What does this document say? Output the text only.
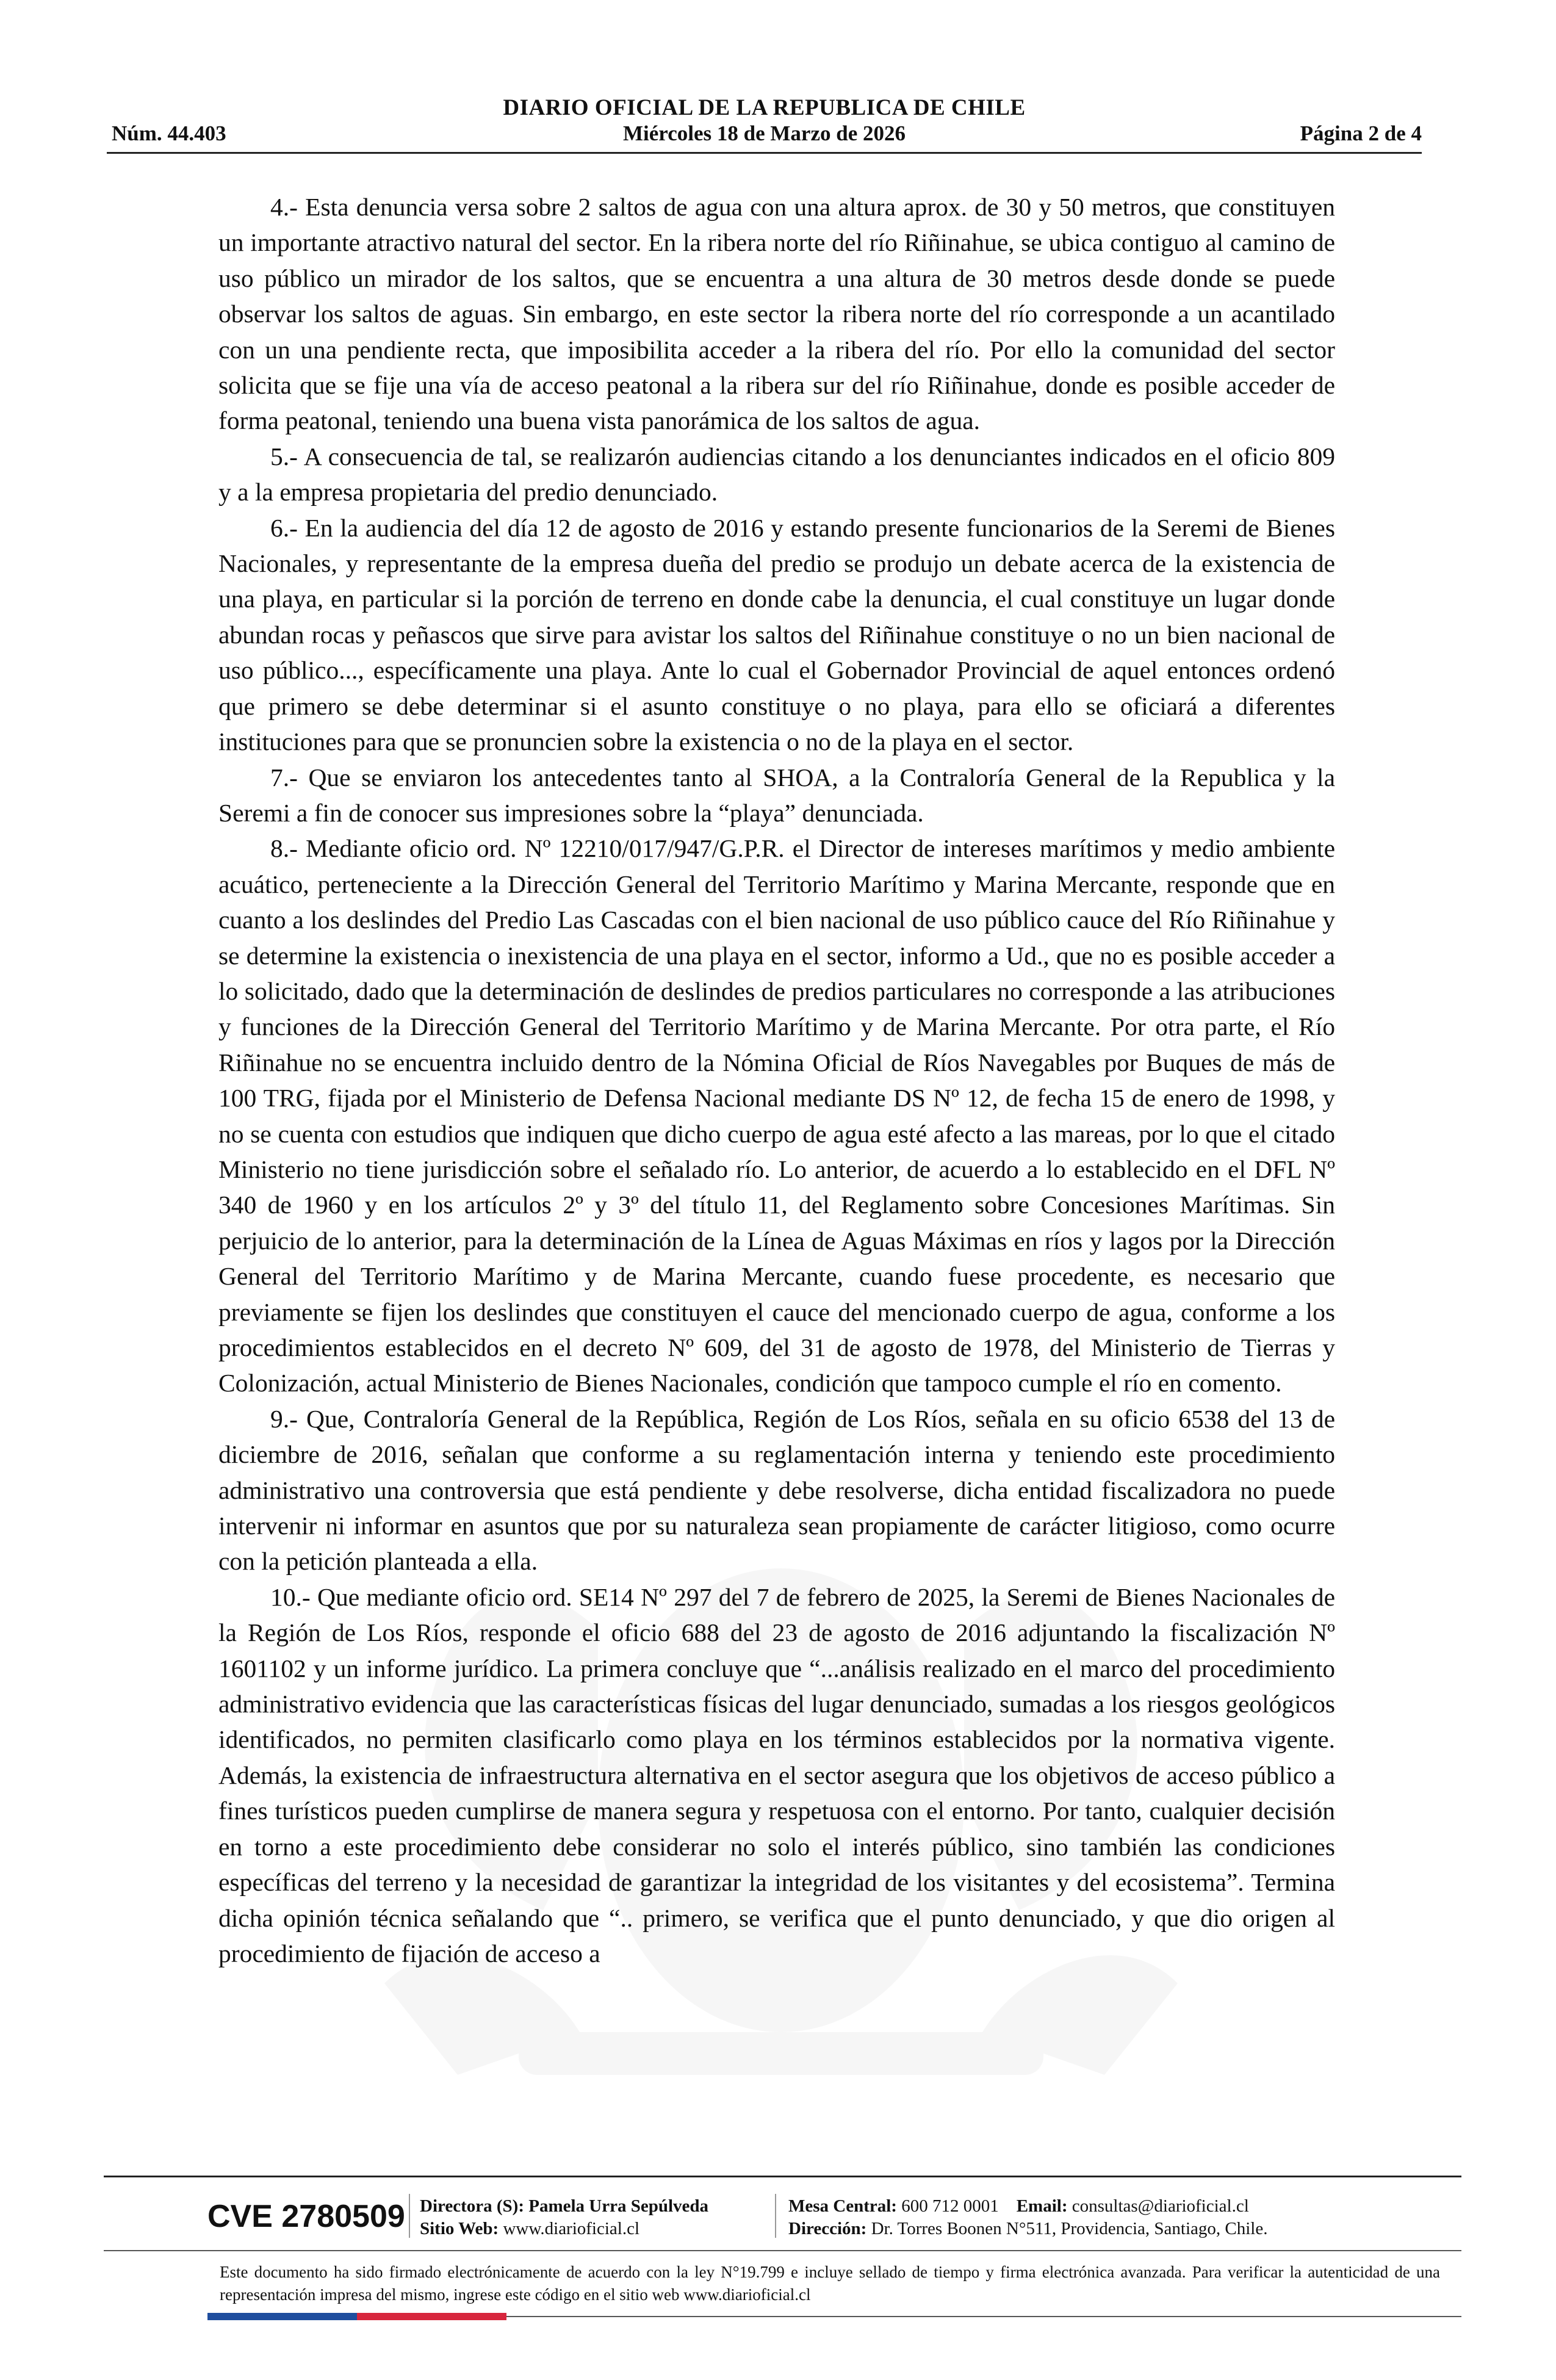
DIARIO OFICIAL DE LA REPUBLICA DE CHILE
Núm. 44.403	Miércoles 18 de Marzo de 2026	Página 2 de 4

4.- Esta denuncia versa sobre 2 saltos de agua con una altura aprox. de 30 y 50 metros, que constituyen un importante atractivo natural del sector. En la ribera norte del río Riñinahue, se ubica contiguo al camino de uso público un mirador de los saltos, que se encuentra a una altura de 30 metros desde donde se puede observar los saltos de aguas. Sin embargo, en este sector la ribera norte del río corresponde a un acantilado con un una pendiente recta, que imposibilita acceder a la ribera del río. Por ello la comunidad del sector solicita que se fije una vía de acceso peatonal a la ribera sur del río Riñinahue, donde es posible acceder de forma peatonal, teniendo una buena vista panorámica de los saltos de agua.

5.- A consecuencia de tal, se realizarón audiencias citando a los denunciantes indicados en el oficio 809 y a la empresa propietaria del predio denunciado.

6.- En la audiencia del día 12 de agosto de 2016 y estando presente funcionarios de la Seremi de Bienes Nacionales, y representante de la empresa dueña del predio se produjo un debate acerca de la existencia de una playa, en particular si la porción de terreno en donde cabe la denuncia, el cual constituye un lugar donde abundan rocas y peñascos que sirve para avistar los saltos del Riñinahue constituye o no un bien nacional de uso público..., específicamente una playa. Ante lo cual el Gobernador Provincial de aquel entonces ordenó que primero se debe determinar si el asunto constituye o no playa, para ello se oficiará a diferentes instituciones para que se pronuncien sobre la existencia o no de la playa en el sector.

7.- Que se enviaron los antecedentes tanto al SHOA, a la Contraloría General de la Republica y la Seremi a fin de conocer sus impresiones sobre la “playa” denunciada.

8.- Mediante oficio ord. Nº 12210/017/947/G.P.R. el Director de intereses marítimos y medio ambiente acuático, perteneciente a la Dirección General del Territorio Marítimo y Marina Mercante, responde que en cuanto a los deslindes del Predio Las Cascadas con el bien nacional de uso público cauce del Río Riñinahue y se determine la existencia o inexistencia de una playa en el sector, informo a Ud., que no es posible acceder a lo solicitado, dado que la determinación de deslindes de predios particulares no corresponde a las atribuciones y funciones de la Dirección General del Territorio Marítimo y de Marina Mercante. Por otra parte, el Río Riñinahue no se encuentra incluido dentro de la Nómina Oficial de Ríos Navegables por Buques de más de 100 TRG, fijada por el Ministerio de Defensa Nacional mediante DS Nº 12, de fecha 15 de enero de 1998, y no se cuenta con estudios que indiquen que dicho cuerpo de agua esté afecto a las mareas, por lo que el citado Ministerio no tiene jurisdicción sobre el señalado río. Lo anterior, de acuerdo a lo establecido en el DFL Nº 340 de 1960 y en los artículos 2º y 3º del título 11, del Reglamento sobre Concesiones Marítimas. Sin perjuicio de lo anterior, para la determinación de la Línea de Aguas Máximas en ríos y lagos por la Dirección General del Territorio Marítimo y de Marina Mercante, cuando fuese procedente, es necesario que previamente se fijen los deslindes que constituyen el cauce del mencionado cuerpo de agua, conforme a los procedimientos establecidos en el decreto Nº 609, del 31 de agosto de 1978, del Ministerio de Tierras y Colonización, actual Ministerio de Bienes Nacionales, condición que tampoco cumple el río en comento.

9.- Que, Contraloría General de la República, Región de Los Ríos, señala en su oficio 6538 del 13 de diciembre de 2016, señalan que conforme a su reglamentación interna y teniendo este procedimiento administrativo una controversia que está pendiente y debe resolverse, dicha entidad fiscalizadora no puede intervenir ni informar en asuntos que por su naturaleza sean propiamente de carácter litigioso, como ocurre con la petición planteada a ella.

10.- Que mediante oficio ord. SE14 Nº 297 del 7 de febrero de 2025, la Seremi de Bienes Nacionales de la Región de Los Ríos, responde el oficio 688 del 23 de agosto de 2016 adjuntando la fiscalización Nº 1601102 y un informe jurídico. La primera concluye que “...análisis realizado en el marco del procedimiento administrativo evidencia que las características físicas del lugar denunciado, sumadas a los riesgos geológicos identificados, no permiten clasificarlo como playa en los términos establecidos por la normativa vigente. Además, la existencia de infraestructura alternativa en el sector asegura que los objetivos de acceso público a fines turísticos pueden cumplirse de manera segura y respetuosa con el entorno. Por tanto, cualquier decisión en torno a este procedimiento debe considerar no solo el interés público, sino también las condiciones específicas del terreno y la necesidad de garantizar la integridad de los visitantes y del ecosistema”. Termina dicha opinión técnica señalando que “.. primero, se verifica que el punto denunciado, y que dio origen al procedimiento de fijación de acceso a

CVE 2780509 Directora (S): Pamela Urra Sepúlveda
Sitio Web: www.diarioficial.cl
Mesa Central: 600 712 0001 Email: consultas@diarioficial.cl
Dirección: Dr. Torres Boonen N°511, Providencia, Santiago, Chile.
Este documento ha sido firmado electrónicamente de acuerdo con la ley N°19.799 e incluye sellado de tiempo y firma electrónica avanzada. Para verificar la autenticidad de una representación impresa del mismo, ingrese este código en el sitio web www.diarioficial.cl
